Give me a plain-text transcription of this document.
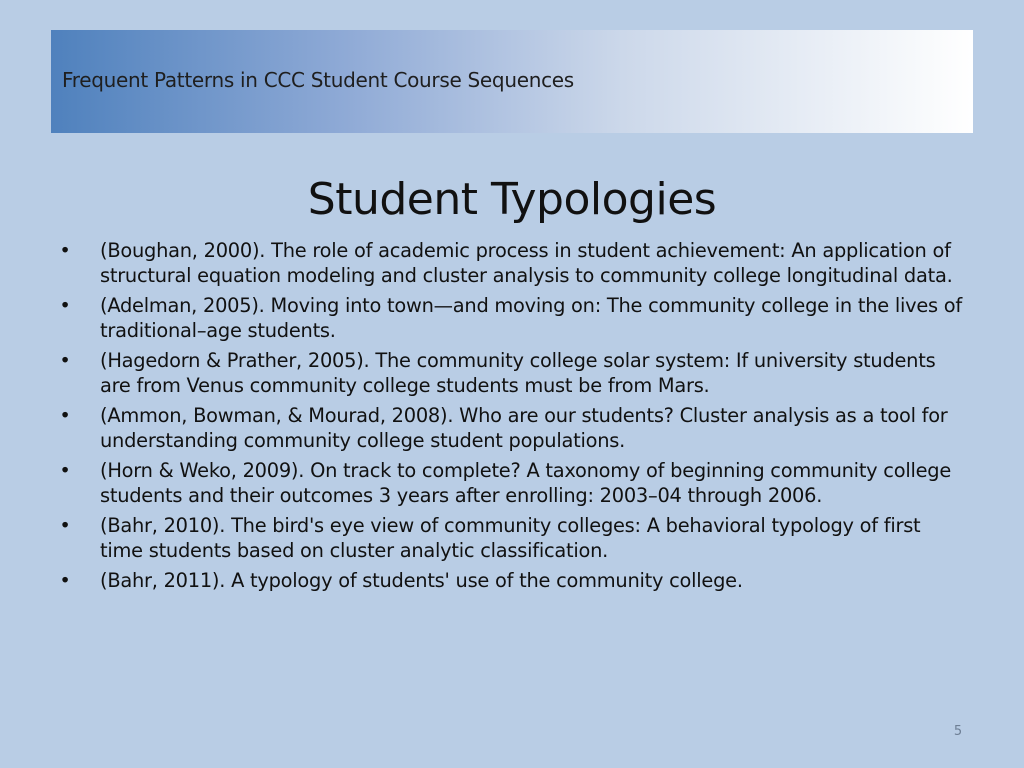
Frequent Patterns in CCC Student Course Sequences
Student Typologies
• (Boughan, 2000). The role of academic process in student achievement: An application of structural equation modeling and cluster analysis to community college longitudinal data.
• (Adelman, 2005). Moving into town—and moving on: The community college in the lives of traditional–age students.
• (Hagedorn & Prather, 2005). The community college solar system: If university students are from Venus community college students must be from Mars.
• (Ammon, Bowman, & Mourad, 2008). Who are our students? Cluster analysis as a tool for understanding community college student populations.
• (Horn & Weko, 2009). On track to complete? A taxonomy of beginning community college students and their outcomes 3 years after enrolling: 2003–04 through 2006.
• (Bahr, 2010). The bird's eye view of community colleges: A behavioral typology of first time students based on cluster analytic classification.
• (Bahr, 2011). A typology of students' use of the community college.
5
